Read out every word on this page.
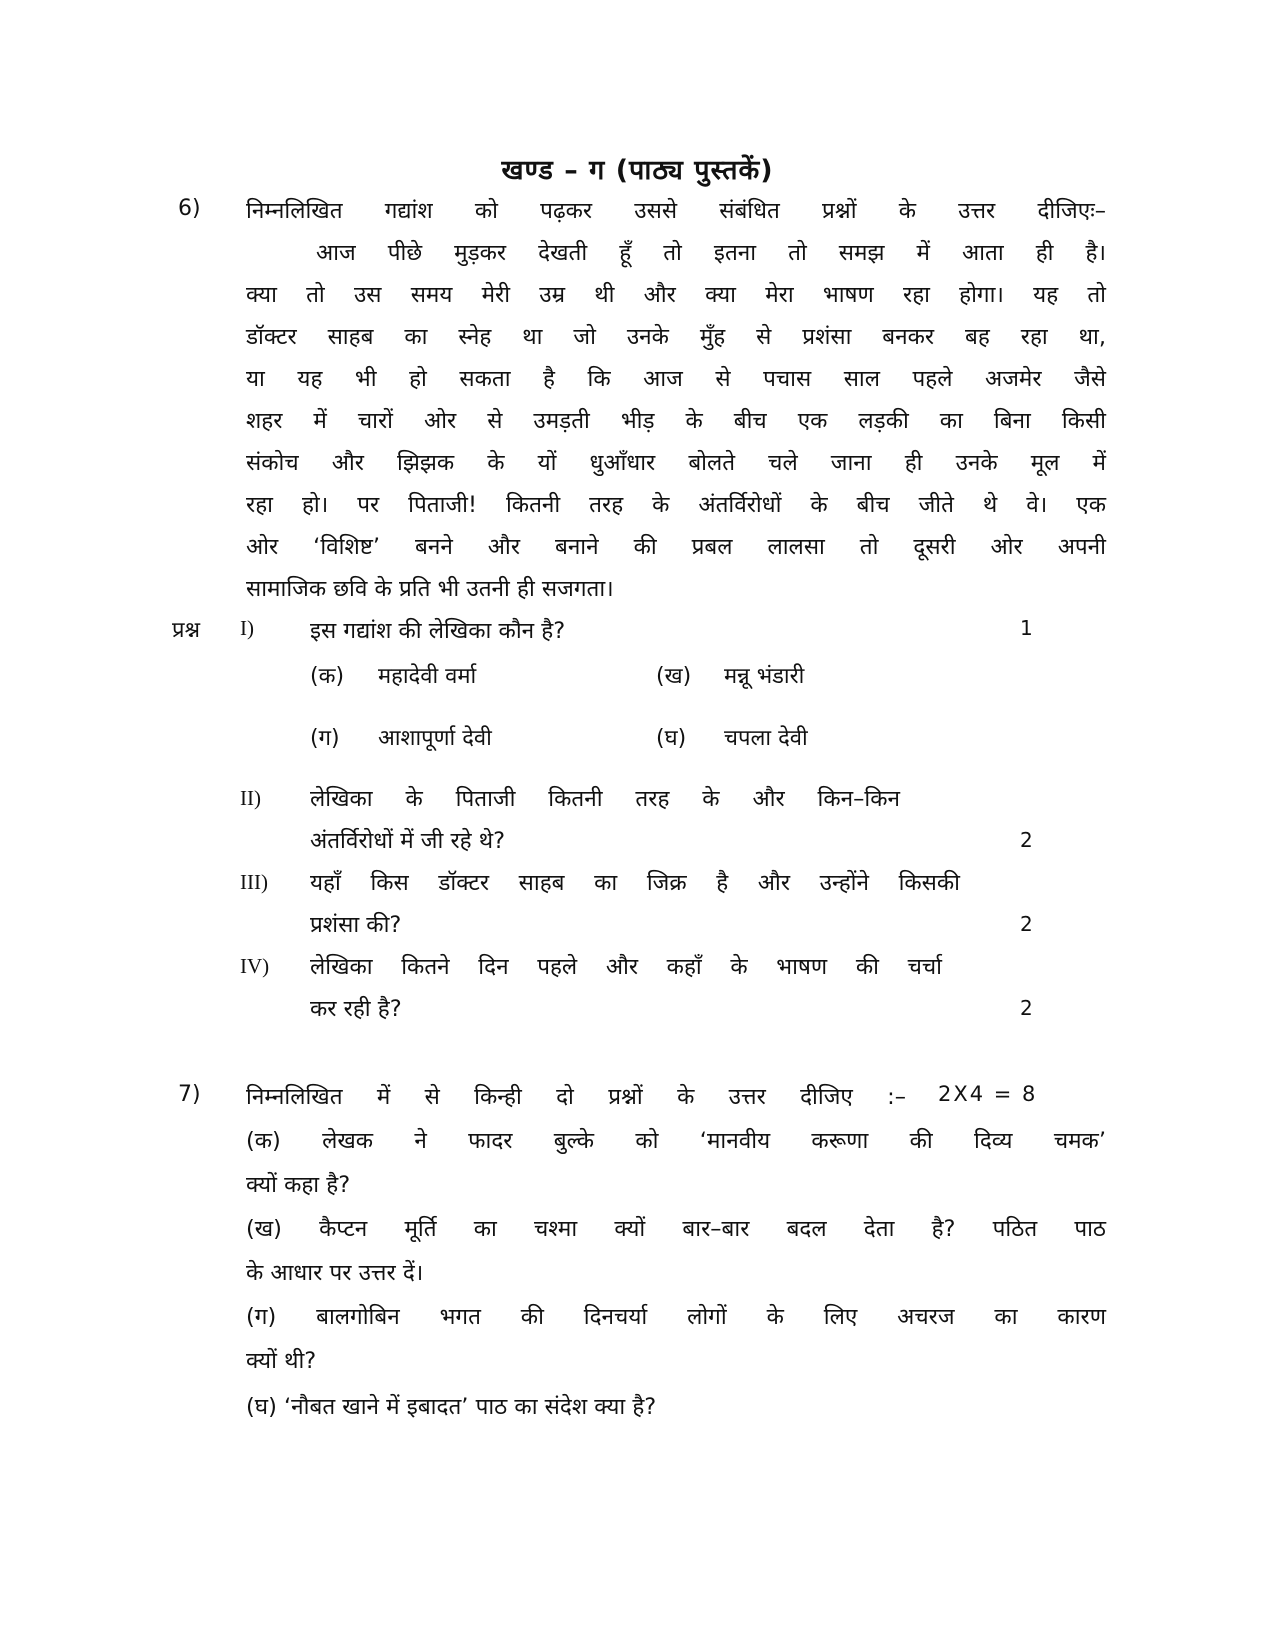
खण्ड – ग (पाठ्य पुस्तकें)
6) निम्नलिखित गद्यांश को पढ़कर उससे संबंधित प्रश्नों के उत्तर दीजिएः–
आज पीछे मुड़कर देखती हूँ तो इतना तो समझ में आता ही है।
क्या तो उस समय मेरी उम्र थी और क्या मेरा भाषण रहा होगा। यह तो
डॉक्टर साहब का स्नेह था जो उनके मुँह से प्रशंसा बनकर बह रहा था,
या यह भी हो सकता है कि आज से पचास साल पहले अजमेर जैसे
शहर में चारों ओर से उमड़ती भीड़ के बीच एक लड़की का बिना किसी
संकोच और झिझक के यों धुआँधार बोलते चले जाना ही उनके मूल में
रहा हो। पर पिताजी! कितनी तरह के अंतर्विरोधों के बीच जीते थे वे। एक
ओर ‘विशिष्ट’ बनने और बनाने की प्रबल लालसा तो दूसरी ओर अपनी
सामाजिक छवि के प्रति भी उतनी ही सजगता।
प्रश्न I) इस गद्यांश की लेखिका कौन है?	1
(क) महादेवी वर्मा	(ख) मन्नू भंडारी
(ग) आशापूर्णा देवी	(घ) चपला देवी
II) लेखिका के पिताजी कितनी तरह के और किन–किन
अंतर्विरोधों में जी रहे थे?	2
III) यहाँ किस डॉक्टर साहब का जिक्र है और उन्होंने किसकी
प्रशंसा की?	2
IV) लेखिका कितने दिन पहले और कहाँ के भाषण की चर्चा
कर रही है?	2
7) निम्नलिखित में से किन्ही दो प्रश्नों के उत्तर दीजिए :– 2X4 = 8
(क) लेखक ने फादर बुल्के को ‘मानवीय करूणा की दिव्य चमक’
क्यों कहा है?
(ख) कैप्टन मूर्ति का चश्मा क्यों बार–बार बदल देता है? पठित पाठ
के आधार पर उत्तर दें।
(ग) बालगोबिन भगत की दिनचर्या लोगों के लिए अचरज का कारण
क्यों थी?
(घ) ‘नौबत खाने में इबादत’ पाठ का संदेश क्या है?
